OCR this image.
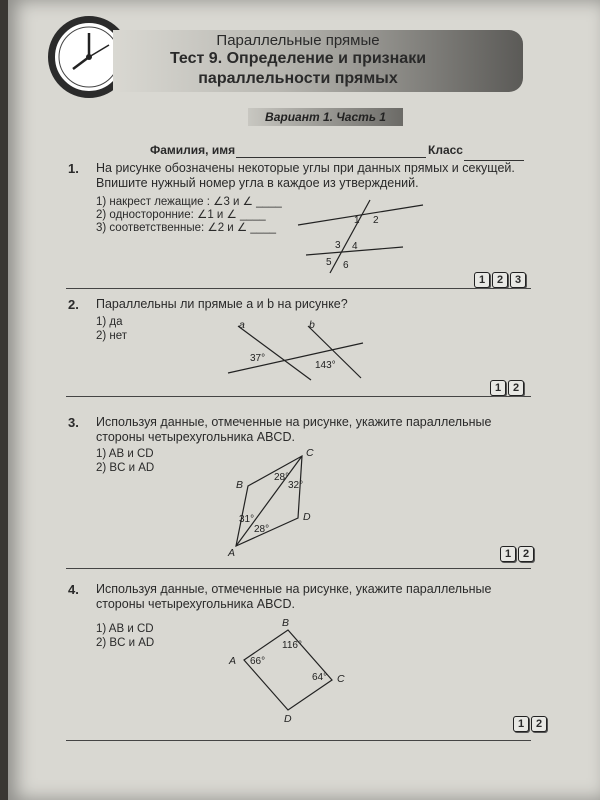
Параллельные прямые
Тест 9. Определение и признаки
параллельности прямых
Вариант 1. Часть 1
Фамилия, имя	Класс
1. На рисунке обозначены некоторые углы при данных прямых и секущей. Впишите нужный номер угла в каждое из утверждений.
1) накрест лежащие : ∠3 и ∠ ____
2) односторонние: ∠1 и ∠ ____
3) соответственные: ∠2 и ∠ ____
1 2
3 4
5 6
1	2	3
2. Параллельны ли прямые a и b на рисунке?
1) да
2) нет
a	b
37°
143°
1	2
3. Используя данные, отмеченные на рисунке, укажите параллельные стороны четырехугольника ABCD.
1) AB и CD
2) BC и AD
A
B
C
D
28°
32°
31°
28°
1	2
4. Используя данные, отмеченные на рисунке, укажите параллельные стороны четырехугольника ABCD.
1) AB и CD
2) BC и AD
A
B
C
D
66°
116°
64°
1	2
